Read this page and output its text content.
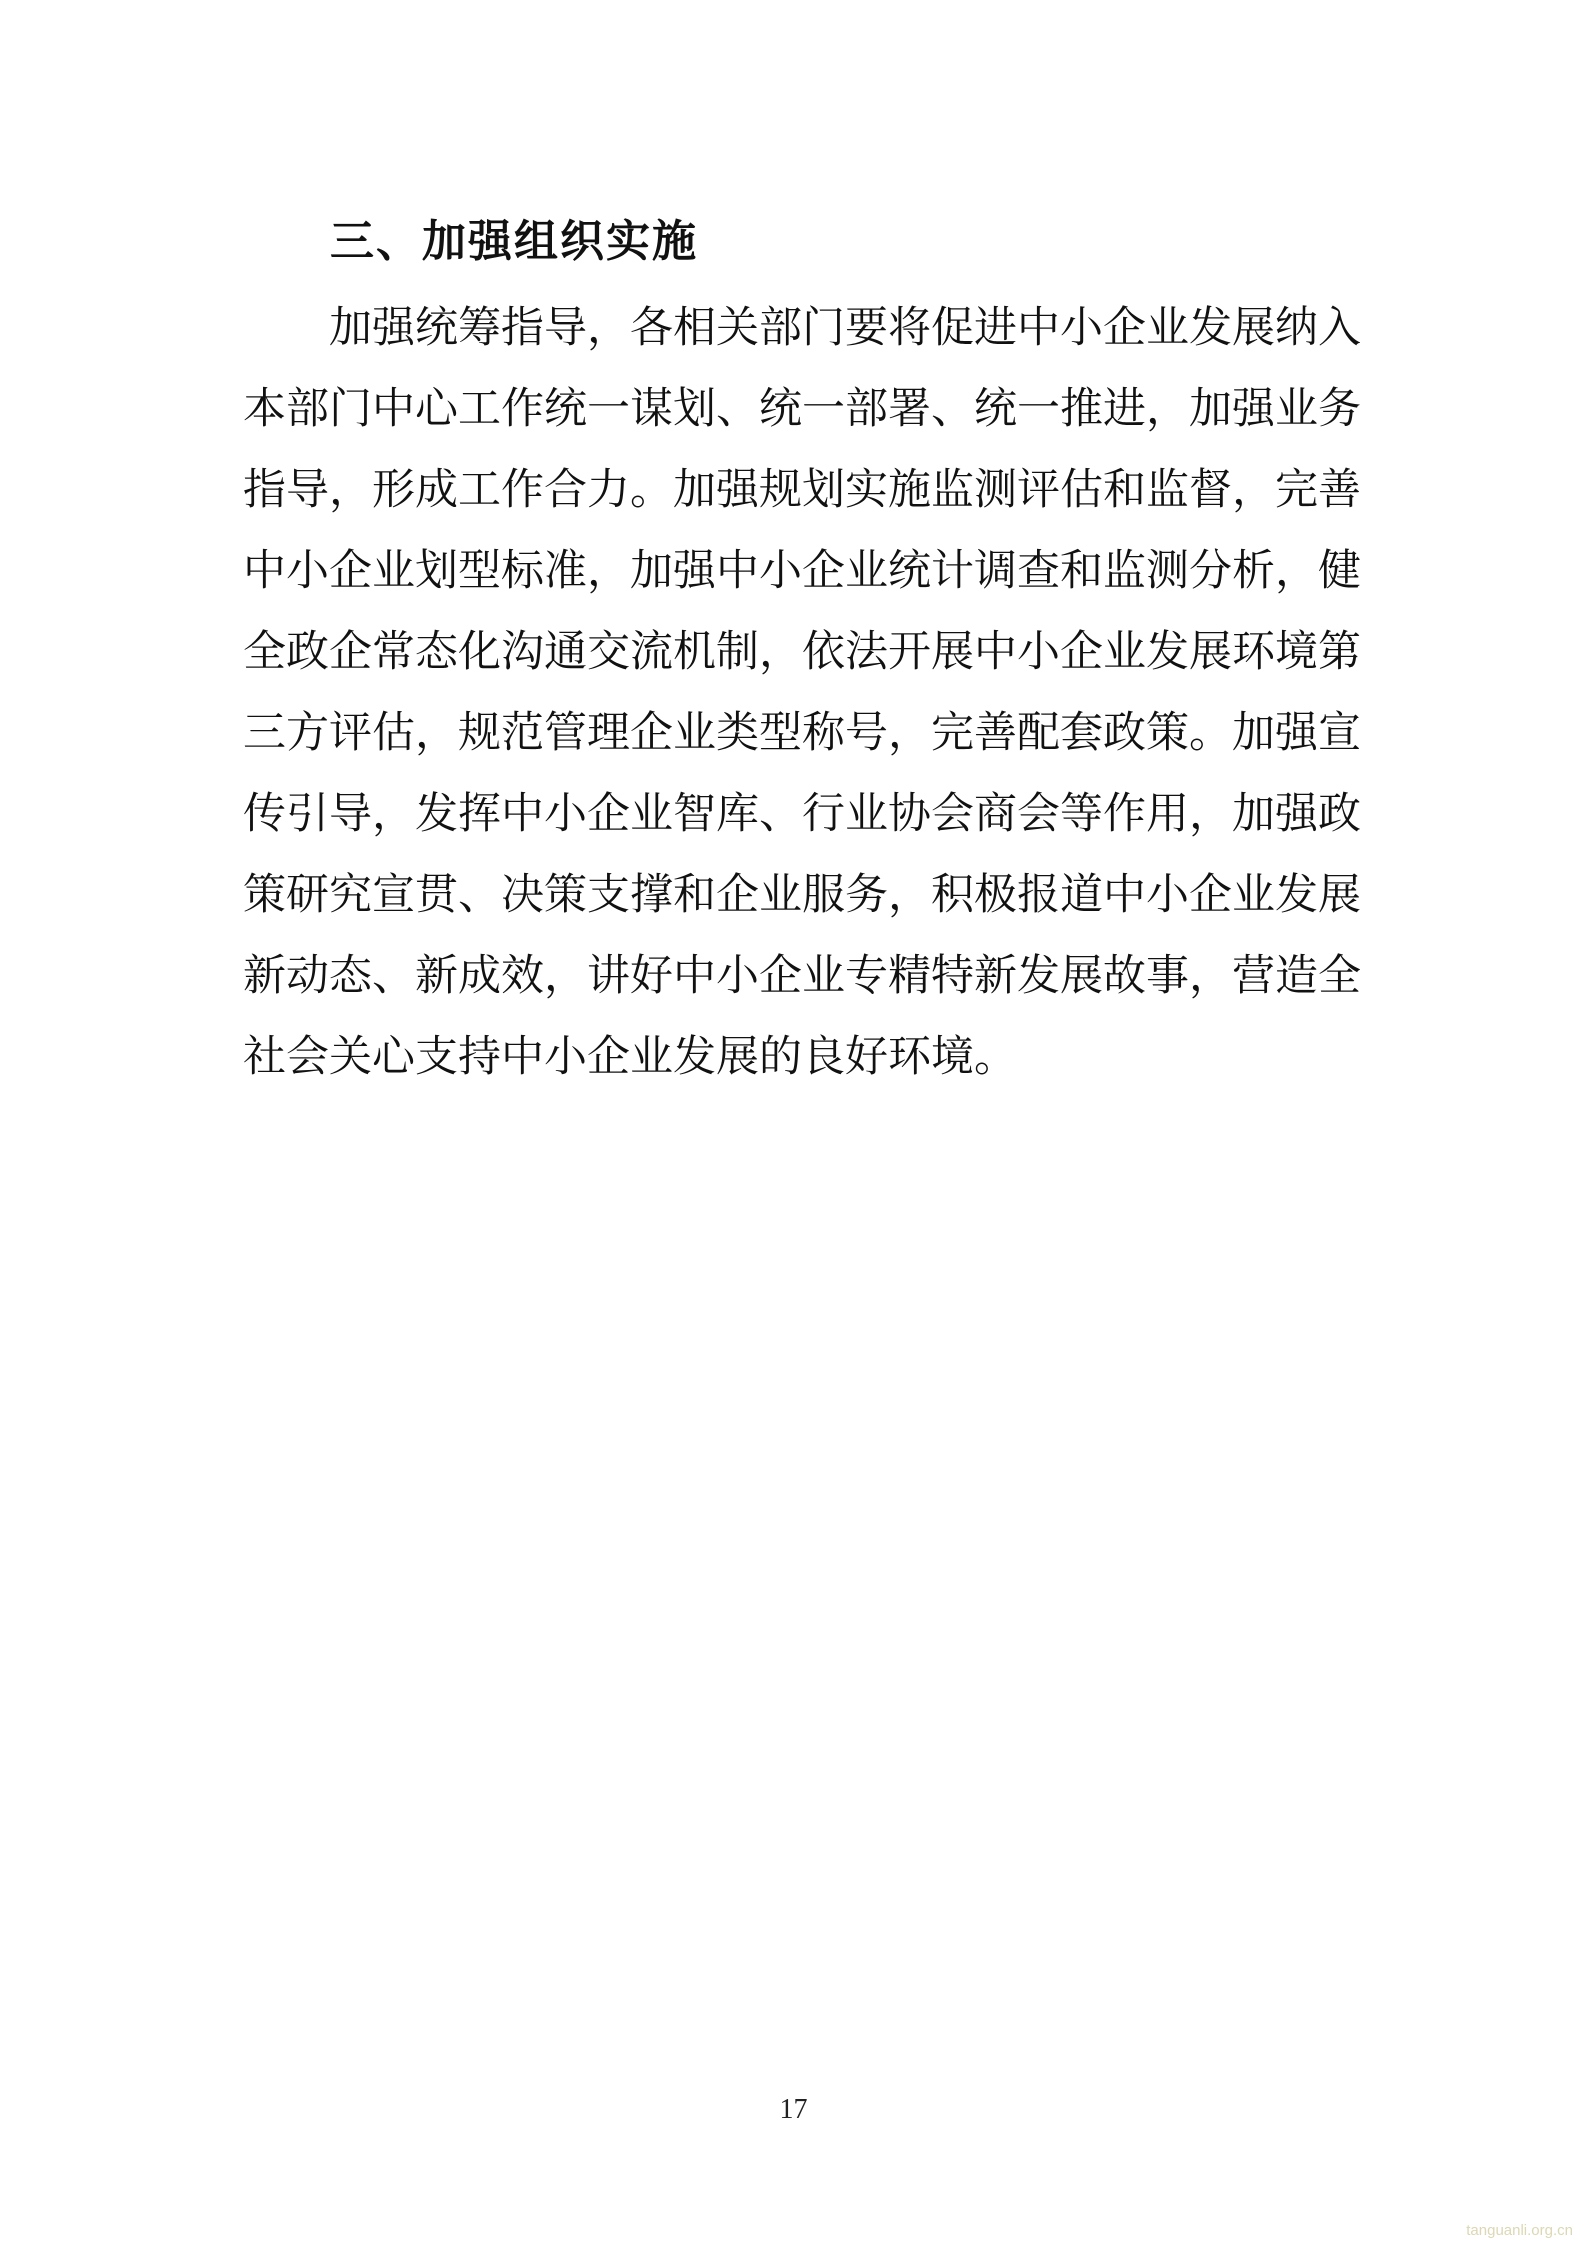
三、加强组织实施
加强统筹指导，各相关部门要将促进中小企业发展纳入
本部门中心工作统一谋划、统一部署、统一推进，加强业务
指导，形成工作合力。加强规划实施监测评估和监督，完善
中小企业划型标准，加强中小企业统计调查和监测分析，健
全政企常态化沟通交流机制，依法开展中小企业发展环境第
三方评估，规范管理企业类型称号，完善配套政策。加强宣
传引导，发挥中小企业智库、行业协会商会等作用，加强政
策研究宣贯、决策支撑和企业服务，积极报道中小企业发展
新动态、新成效，讲好中小企业专精特新发展故事，营造全
社会关心支持中小企业发展的良好环境。
17
tanguanli.org.cn
